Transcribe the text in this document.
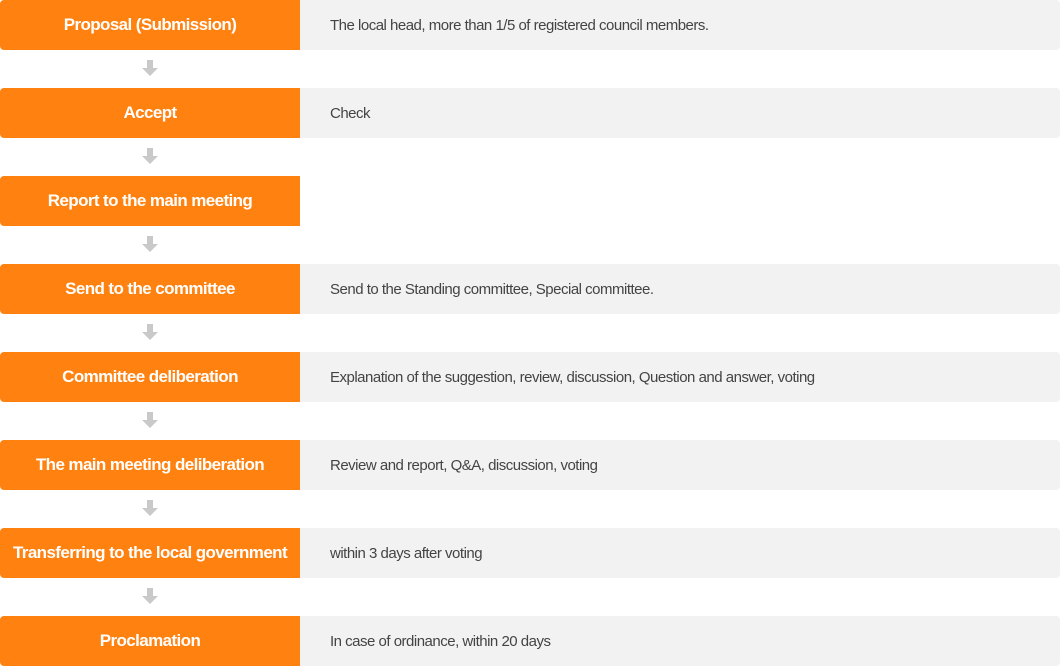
Proposal (Submission)	The local head, more than 1/5 of registered council members.
Accept	Check
Report to the main meeting
Send to the committee	Send to the Standing committee, Special committee.
Committee deliberation	Explanation of the suggestion, review, discussion, Question and answer, voting
The main meeting deliberation	Review and report, Q&A, discussion, voting
Transferring to the local government	within 3 days after voting
Proclamation	In case of ordinance, within 20 days
